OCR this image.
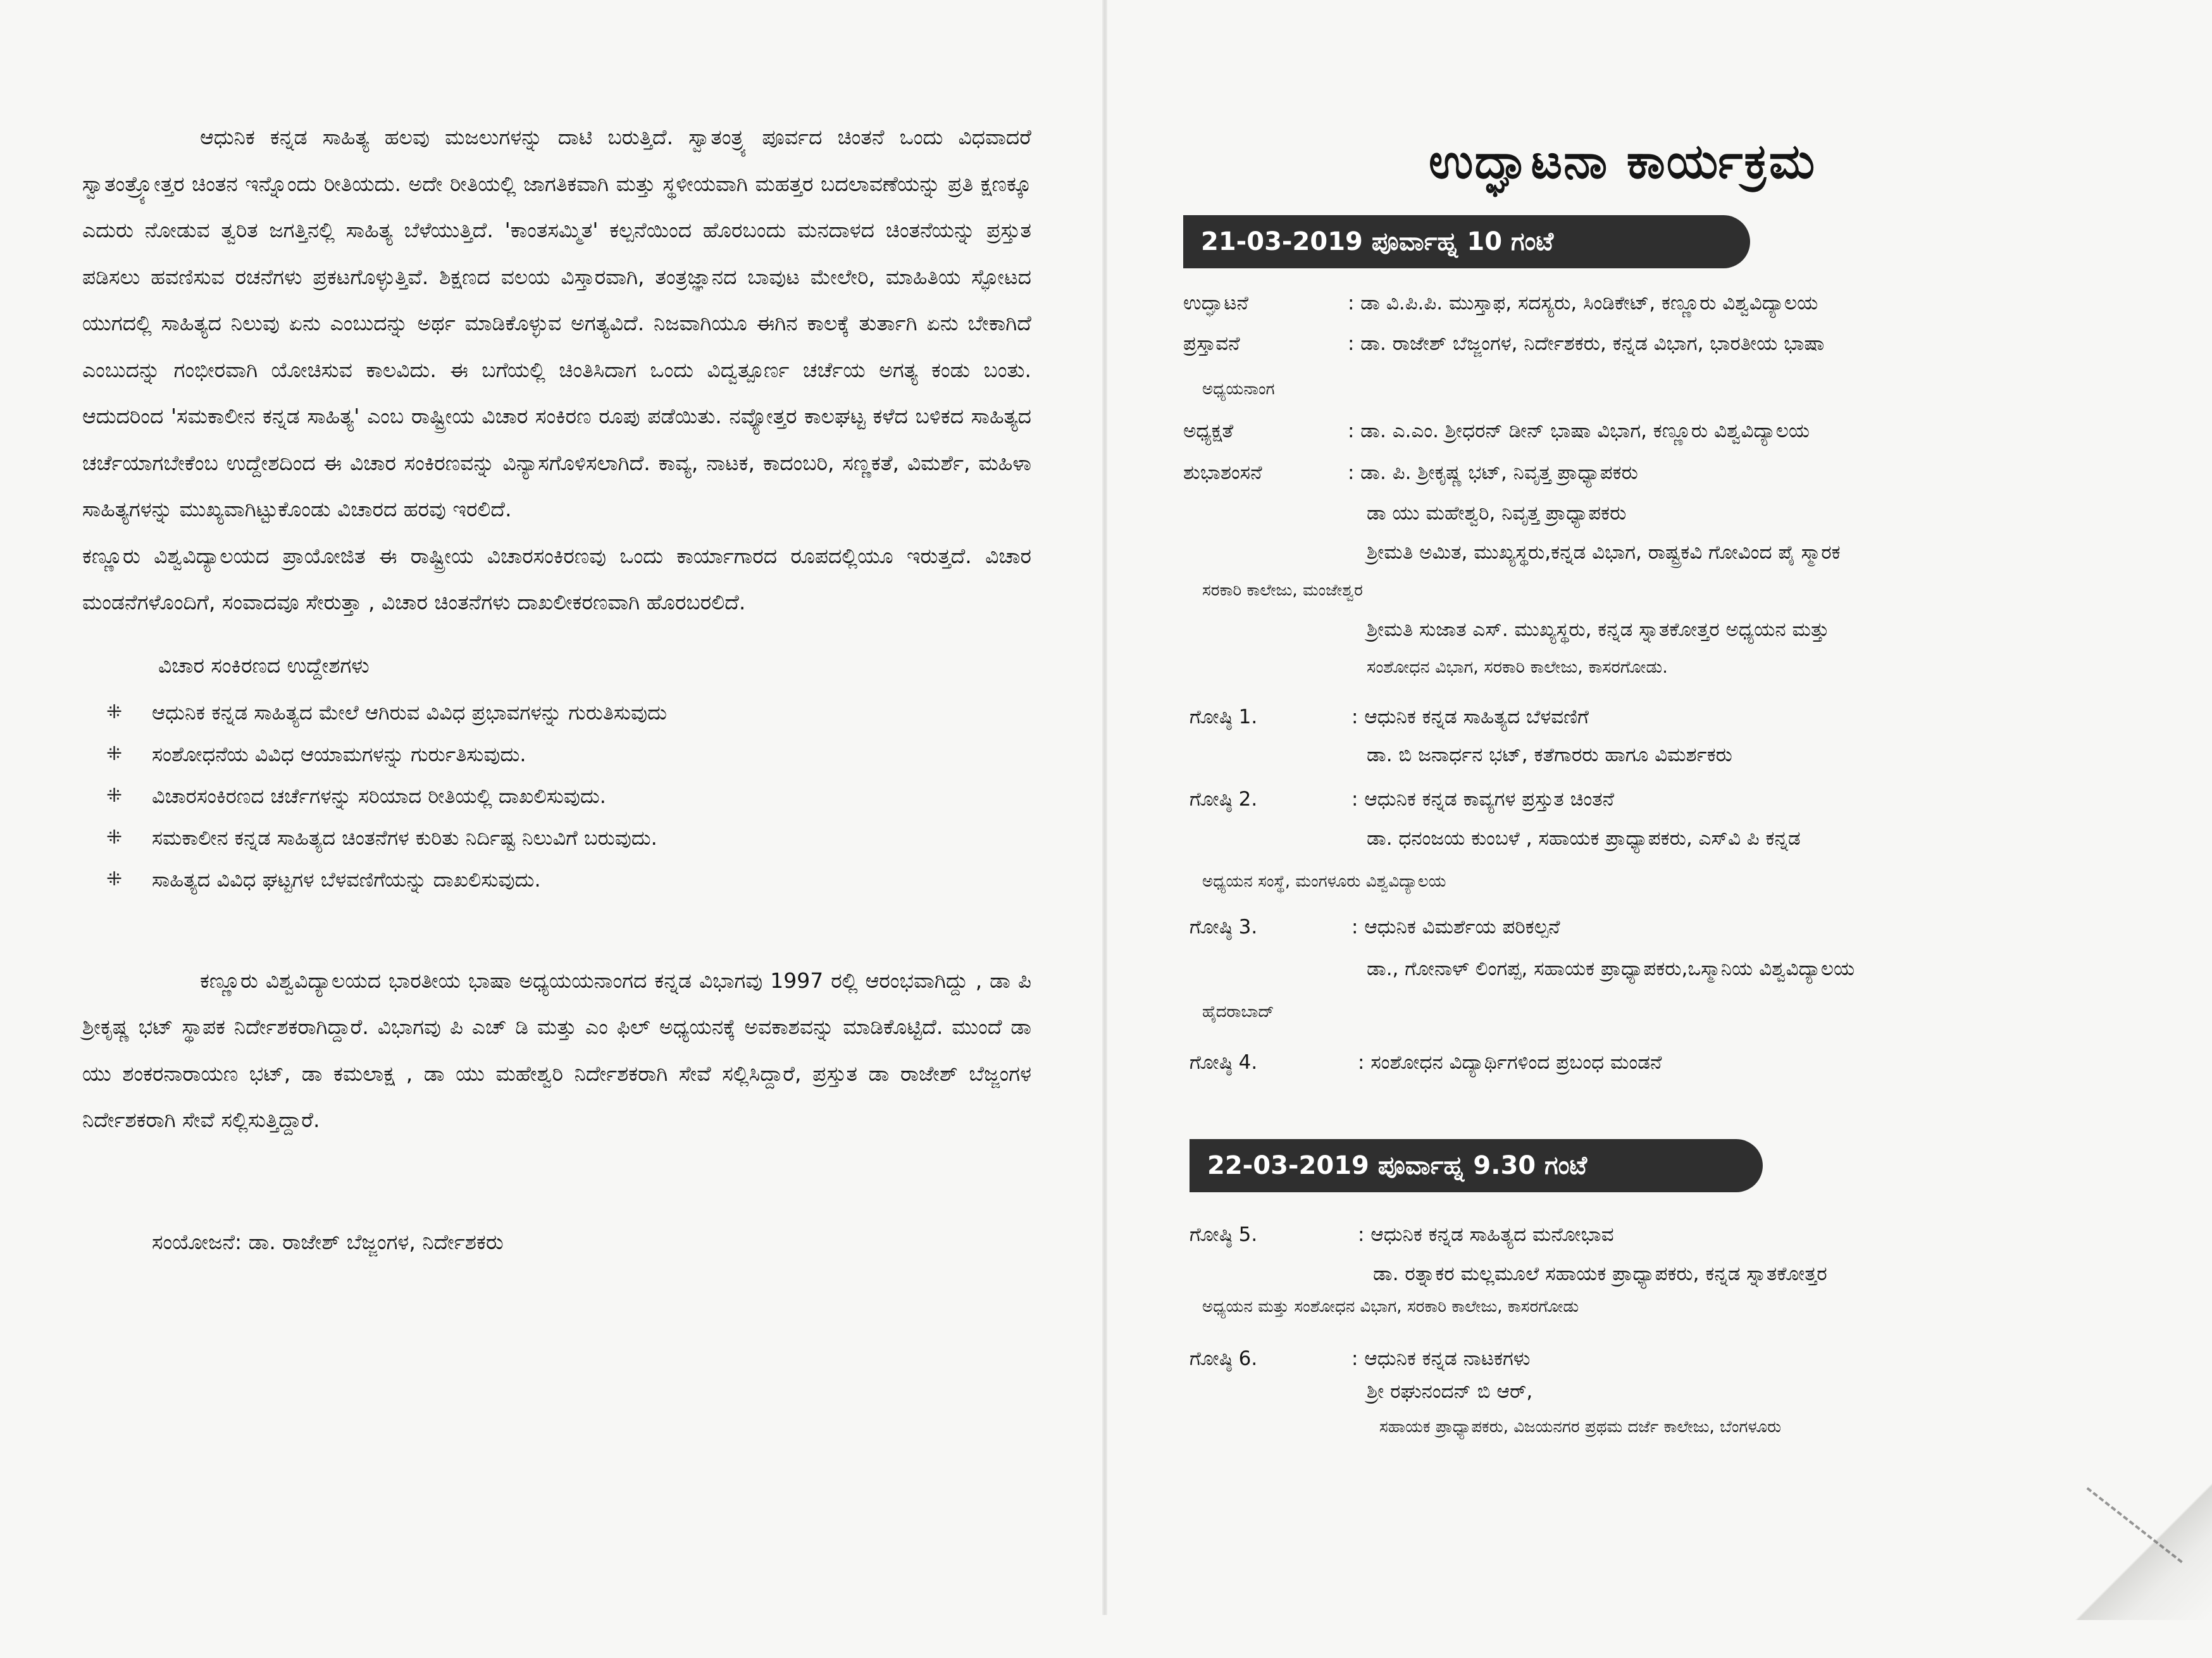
ಆಧುನಿಕ ಕನ್ನಡ ಸಾಹಿತ್ಯ ಹಲವು ಮಜಲುಗಳನ್ನು ದಾಟಿ ಬರುತ್ತಿದೆ. ಸ್ವಾತಂತ್ರ್ಯ ಪೂರ್ವದ ಚಿಂತನೆ ಒಂದು ವಿಧವಾದರೆ ಸ್ವಾತಂತ್ರ್ಯೋತ್ತರ ಚಿಂತನ ಇನ್ನೊಂದು ರೀತಿಯದು. ಅದೇ ರೀತಿಯಲ್ಲಿ ಜಾಗತಿಕವಾಗಿ ಮತ್ತು ಸ್ಥಳೀಯವಾಗಿ ಮಹತ್ತರ ಬದಲಾವಣೆಯನ್ನು ಪ್ರತಿ ಕ್ಷಣಕ್ಕೂ ಎದುರು ನೋಡುವ ತ್ವರಿತ ಜಗತ್ತಿನಲ್ಲಿ ಸಾಹಿತ್ಯ ಬೆಳೆಯುತ್ತಿದೆ. 'ಕಾಂತಸಮ್ಮಿತ' ಕಲ್ಪನೆಯಿಂದ ಹೊರಬಂದು ಮನದಾಳದ ಚಿಂತನೆಯನ್ನು ಪ್ರಸ್ತುತ ಪಡಿಸಲು ಹವಣಿಸುವ ರಚನೆಗಳು ಪ್ರಕಟಗೊಳ್ಳುತ್ತಿವೆ. ಶಿಕ್ಷಣದ ವಲಯ ವಿಸ್ತಾರವಾಗಿ, ತಂತ್ರಜ್ಞಾನದ ಬಾವುಟ ಮೇಲೇರಿ, ಮಾಹಿತಿಯ ಸ್ಫೋಟದ ಯುಗದಲ್ಲಿ ಸಾಹಿತ್ಯದ ನಿಲುವು ಏನು ಎಂಬುದನ್ನು ಅರ್ಥ ಮಾಡಿಕೊಳ್ಳುವ ಅಗತ್ಯವಿದೆ. ನಿಜವಾಗಿಯೂ ಈಗಿನ ಕಾಲಕ್ಕೆ ತುರ್ತಾಗಿ ಏನು ಬೇಕಾಗಿದೆ ಎಂಬುದನ್ನು ಗಂಭೀರವಾಗಿ ಯೋಚಿಸುವ ಕಾಲವಿದು. ಈ ಬಗೆಯಲ್ಲಿ ಚಿಂತಿಸಿದಾಗ ಒಂದು ವಿದ್ವತ್ಪೂರ್ಣ ಚರ್ಚೆಯ ಅಗತ್ಯ ಕಂಡು ಬಂತು. ಆದುದರಿಂದ 'ಸಮಕಾಲೀನ ಕನ್ನಡ ಸಾಹಿತ್ಯ' ಎಂಬ ರಾಷ್ಟ್ರೀಯ ವಿಚಾರ ಸಂಕಿರಣ ರೂಪು ಪಡೆಯಿತು. ನವ್ಯೋತ್ತರ ಕಾಲಘಟ್ಟ ಕಳೆದ ಬಳಿಕದ ಸಾಹಿತ್ಯದ ಚರ್ಚೆಯಾಗಬೇಕೆಂಬ ಉದ್ದೇಶದಿಂದ ಈ ವಿಚಾರ ಸಂಕಿರಣವನ್ನು ವಿನ್ಯಾಸಗೊಳಿಸಲಾಗಿದೆ. ಕಾವ್ಯ, ನಾಟಕ, ಕಾದಂಬರಿ, ಸಣ್ಣಕತೆ, ವಿಮರ್ಶೆ, ಮಹಿಳಾ ಸಾಹಿತ್ಯಗಳನ್ನು ಮುಖ್ಯವಾಗಿಟ್ಟುಕೊಂಡು ವಿಚಾರದ ಹರವು ಇರಲಿದೆ.

ಕಣ್ಣೂರು ವಿಶ್ವವಿದ್ಯಾಲಯದ ಪ್ರಾಯೋಜಿತ ಈ ರಾಷ್ಟ್ರೀಯ ವಿಚಾರಸಂಕಿರಣವು ಒಂದು ಕಾರ್ಯಾಗಾರದ ರೂಪದಲ್ಲಿಯೂ ಇರುತ್ತದೆ. ವಿಚಾರ ಮಂಡನೆಗಳೊಂದಿಗೆ, ಸಂವಾದವೂ ಸೇರುತ್ತಾ , ವಿಚಾರ ಚಿಂತನೆಗಳು ದಾಖಲೀಕರಣವಾಗಿ ಹೊರಬರಲಿದೆ.

ವಿಚಾರ ಸಂಕಿರಣದ ಉದ್ದೇಶಗಳು
⁜ ಆಧುನಿಕ ಕನ್ನಡ ಸಾಹಿತ್ಯದ ಮೇಲೆ ಆಗಿರುವ ವಿವಿಧ ಪ್ರಭಾವಗಳನ್ನು ಗುರುತಿಸುವುದು
⁜ ಸಂಶೋಧನೆಯ ವಿವಿಧ ಆಯಾಮಗಳನ್ನು ಗುರ್ರುತಿಸುವುದು.
⁜ ವಿಚಾರಸಂಕಿರಣದ ಚರ್ಚೆಗಳನ್ನು ಸರಿಯಾದ ರೀತಿಯಲ್ಲಿ ದಾಖಲಿಸುವುದು.
⁜ ಸಮಕಾಲೀನ ಕನ್ನಡ ಸಾಹಿತ್ಯದ ಚಿಂತನೆಗಳ ಕುರಿತು ನಿರ್ದಿಷ್ಟ ನಿಲುವಿಗೆ ಬರುವುದು.
⁜ ಸಾಹಿತ್ಯದ ವಿವಿಧ ಘಟ್ಟಗಳ ಬೆಳವಣಿಗೆಯನ್ನು ದಾಖಲಿಸುವುದು.

ಕಣ್ಣೂರು ವಿಶ್ವವಿದ್ಯಾಲಯದ ಭಾರತೀಯ ಭಾಷಾ ಅಧ್ಯಯಯನಾಂಗದ ಕನ್ನಡ ವಿಭಾಗವು 1997 ರಲ್ಲಿ ಆರಂಭವಾಗಿದ್ದು , ಡಾ ಪಿ ಶ್ರೀಕೃಷ್ಣ ಭಟ್ ಸ್ಥಾಪಕ ನಿರ್ದೇಶಕರಾಗಿದ್ದಾರೆ. ವಿಭಾಗವು ಪಿ ಎಚ್ ಡಿ ಮತ್ತು ಎಂ ಫಿಲ್ ಅಧ್ಯಯನಕ್ಕೆ ಅವಕಾಶವನ್ನು ಮಾಡಿಕೊಟ್ಟಿದೆ. ಮುಂದೆ ಡಾ ಯು ಶಂಕರನಾರಾಯಣ ಭಟ್, ಡಾ ಕಮಲಾಕ್ಷ , ಡಾ ಯು ಮಹೇಶ್ವರಿ ನಿರ್ದೇಶಕರಾಗಿ ಸೇವೆ ಸಲ್ಲಿಸಿದ್ದಾರೆ, ಪ್ರಸ್ತುತ ಡಾ ರಾಜೇಶ್ ಬೆಜ್ಜಂಗಳ ನಿರ್ದೇಶಕರಾಗಿ ಸೇವೆ ಸಲ್ಲಿಸುತ್ತಿದ್ದಾರೆ.

ಸಂಯೋಜನೆ: ಡಾ. ರಾಜೇಶ್ ಬೆಜ್ಜಂಗಳ, ನಿರ್ದೇಶಕರು
ಉದ್ಘಾಟನಾ ಕಾರ್ಯಕ್ರಮ
21-03-2019 ಪೂರ್ವಾಹ್ನ 10 ಗಂಟೆ
ಉದ್ಘಾಟನೆ	: ಡಾ ವಿ.ಪಿ.ಪಿ. ಮುಸ್ತಾಫ, ಸದಸ್ಯರು, ಸಿಂಡಿಕೇಟ್, ಕಣ್ಣೂರು ವಿಶ್ವವಿದ್ಯಾಲಯ
ಪ್ರಸ್ತಾವನೆ	: ಡಾ. ರಾಜೇಶ್ ಬೆಜ್ಜಂಗಳ, ನಿರ್ದೇಶಕರು, ಕನ್ನಡ ವಿಭಾಗ, ಭಾರತೀಯ ಭಾಷಾ
ಅಧ್ಯಯನಾಂಗ
ಅಧ್ಯಕ್ಷತೆ	: ಡಾ. ಎ.ಎಂ. ಶ್ರೀಧರನ್ ಡೀನ್ ಭಾಷಾ ವಿಭಾಗ, ಕಣ್ಣೂರು ವಿಶ್ವವಿದ್ಯಾಲಯ
ಶುಭಾಶಂಸನೆ	: ಡಾ. ಪಿ. ಶ್ರೀಕೃಷ್ಣ ಭಟ್, ನಿವೃತ್ತ ಪ್ರಾಧ್ಯಾಪಕರು
ಡಾ ಯು ಮಹೇಶ್ವರಿ, ನಿವೃತ್ತ ಪ್ರಾಧ್ಯಾಪಕರು
ಶ್ರೀಮತಿ ಅಮಿತ, ಮುಖ್ಯಸ್ಥರು,ಕನ್ನಡ ವಿಭಾಗ, ರಾಷ್ಟ್ರಕವಿ ಗೋವಿಂದ ಪೈ ಸ್ಮಾರಕ
ಸರಕಾರಿ ಕಾಲೇಜು, ಮಂಜೇಶ್ವರ
ಶ್ರೀಮತಿ ಸುಜಾತ ಎಸ್. ಮುಖ್ಯಸ್ಥರು, ಕನ್ನಡ ಸ್ನಾತಕೋತ್ತರ ಅಧ್ಯಯನ ಮತ್ತು
ಸಂಶೋಧನ ವಿಭಾಗ, ಸರಕಾರಿ ಕಾಲೇಜು, ಕಾಸರಗೋಡು.
ಗೋಷ್ಠಿ 1.	: ಆಧುನಿಕ ಕನ್ನಡ ಸಾಹಿತ್ಯದ ಬೆಳವಣಿಗೆ
ಡಾ. ಬಿ ಜನಾರ್ಧನ ಭಟ್, ಕತೆಗಾರರು ಹಾಗೂ ವಿಮರ್ಶಕರು
ಗೋಷ್ಠಿ 2.	: ಆಧುನಿಕ ಕನ್ನಡ ಕಾವ್ಯಗಳ ಪ್ರಸ್ತುತ ಚಿಂತನೆ
ಡಾ. ಧನಂಜಯ ಕುಂಬಳೆ , ಸಹಾಯಕ ಪ್ರಾಧ್ಯಾಪಕರು, ಎಸ್‌ವಿ ಪಿ ಕನ್ನಡ
ಅಧ್ಯಯನ ಸಂಸ್ಥೆ, ಮಂಗಳೂರು ವಿಶ್ವವಿದ್ಯಾಲಯ
ಗೋಷ್ಠಿ 3.	: ಆಧುನಿಕ ವಿಮರ್ಶೆಯ ಪರಿಕಲ್ಪನೆ
ಡಾ., ಗೋನಾಳ್ ಲಿಂಗಪ್ಪ, ಸಹಾಯಕ ಪ್ರಾಧ್ಯಾಪಕರು,ಒಸ್ಮಾನಿಯ ವಿಶ್ವವಿದ್ಯಾಲಯ
ಹೈದರಾಬಾದ್
ಗೋಷ್ಠಿ 4.	: ಸಂಶೋಧನ ವಿದ್ಯಾರ್ಥಿಗಳಿಂದ ಪ್ರಬಂಧ ಮಂಡನೆ
22-03-2019 ಪೂರ್ವಾಹ್ನ 9.30 ಗಂಟೆ
ಗೋಷ್ಠಿ 5.	: ಆಧುನಿಕ ಕನ್ನಡ ಸಾಹಿತ್ಯದ ಮನೋಭಾವ
ಡಾ. ರತ್ನಾಕರ ಮಲ್ಲಮೂಲೆ ಸಹಾಯಕ ಪ್ರಾಧ್ಯಾಪಕರು, ಕನ್ನಡ ಸ್ನಾತಕೋತ್ತರ
ಅಧ್ಯಯನ ಮತ್ತು ಸಂಶೋಧನ ವಿಭಾಗ, ಸರಕಾರಿ ಕಾಲೇಜು, ಕಾಸರಗೋಡು
ಗೋಷ್ಠಿ 6.	: ಆಧುನಿಕ ಕನ್ನಡ ನಾಟಕಗಳು
ಶ್ರೀ ರಘುನಂದನ್ ಬಿ ಆರ್,
ಸಹಾಯಕ ಪ್ರಾಧ್ಯಾಪಕರು, ವಿಜಯನಗರ ಪ್ರಥಮ ದರ್ಜೆ ಕಾಲೇಜು, ಬೆಂಗಳೂರು
